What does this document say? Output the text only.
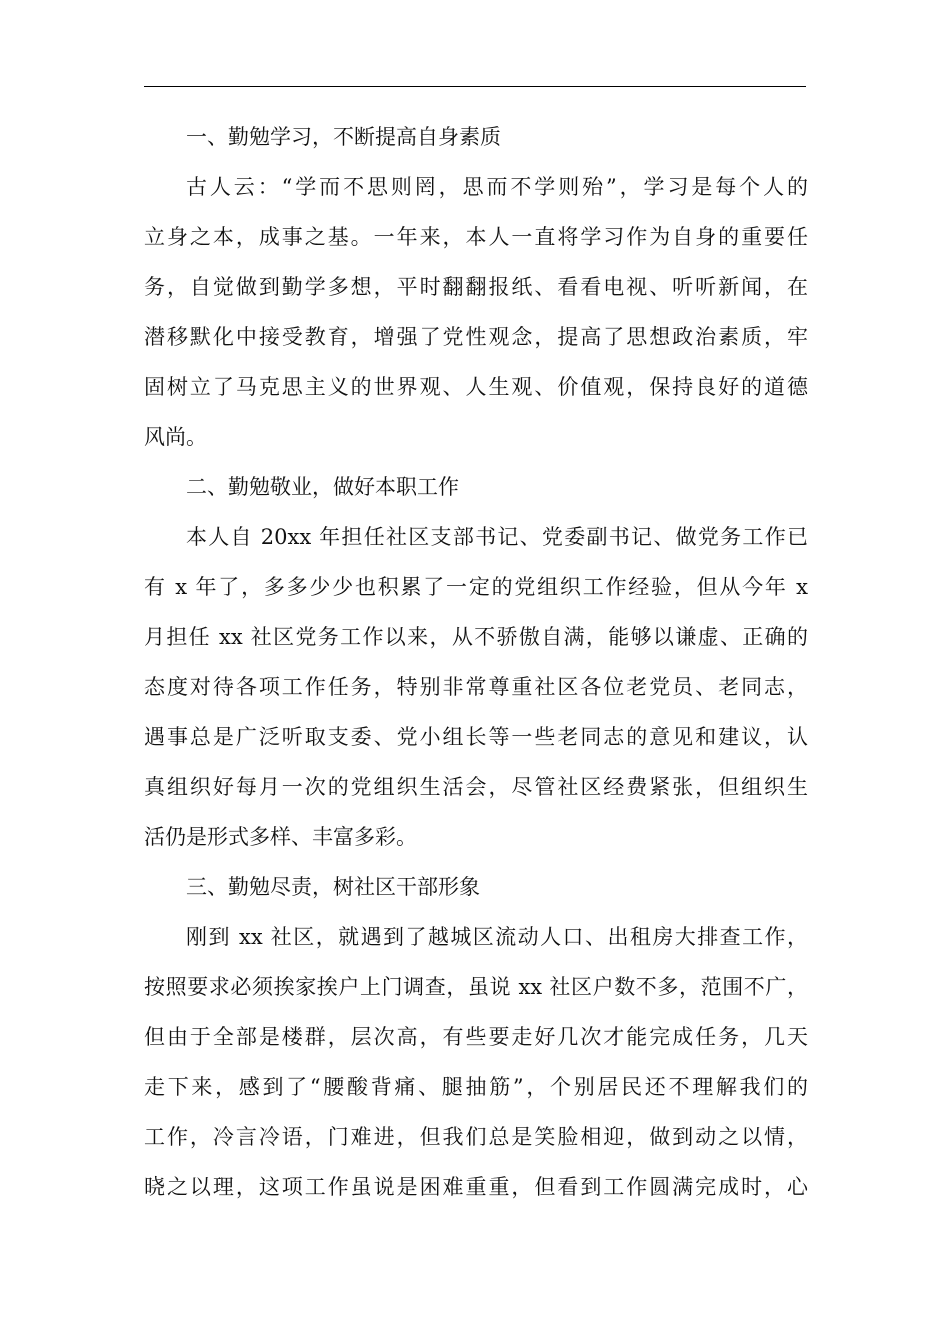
一、勤勉学习，不断提高自身素质

古人云：“学而不思则罔，思而不学则殆”，学习是每个人的
立身之本，成事之基。一年来，本人一直将学习作为自身的重要任
务，自觉做到勤学多想，平时翻翻报纸、看看电视、听听新闻，在
潜移默化中接受教育，增强了党性观念，提高了思想政治素质，牢
固树立了马克思主义的世界观、人生观、价值观，保持良好的道德
风尚。

二、勤勉敬业，做好本职工作

本人自 20xx 年担任社区支部书记、党委副书记、做党务工作已
有 x 年了，多多少少也积累了一定的党组织工作经验，但从今年 x
月担任 xx 社区党务工作以来，从不骄傲自满，能够以谦虚、正确的
态度对待各项工作任务，特别非常尊重社区各位老党员、老同志，
遇事总是广泛听取支委、党小组长等一些老同志的意见和建议，认
真组织好每月一次的党组织生活会，尽管社区经费紧张，但组织生
活仍是形式多样、丰富多彩。

三、勤勉尽责，树社区干部形象

刚到 xx 社区，就遇到了越城区流动人口、出租房大排查工作，
按照要求必须挨家挨户上门调查，虽说 xx 社区户数不多，范围不广，
但由于全部是楼群，层次高，有些要走好几次才能完成任务，几天
走下来，感到了“腰酸背痛、腿抽筋”，个别居民还不理解我们的
工作，冷言冷语，门难进，但我们总是笑脸相迎，做到动之以情，
晓之以理，这项工作虽说是困难重重，但看到工作圆满完成时，心
